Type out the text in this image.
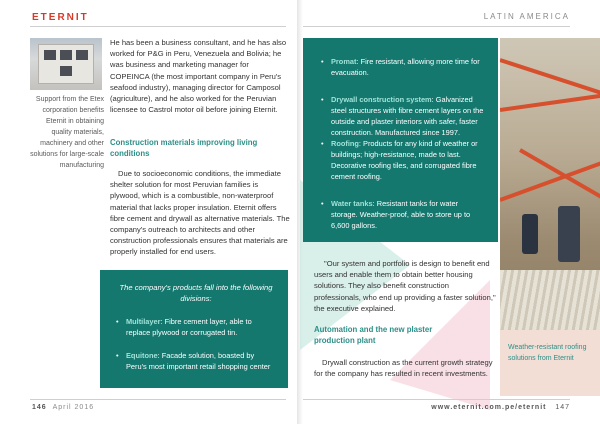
ETERNIT	LATIN AMERICA
Support from the Etex corporation benefits Eternit in obtaining quality materials, machinery and other solutions for large-scale manufacturing
He has been a business consultant, and he has also worked for P&G in Peru, Venezuela and Bolivia; he was business and marketing manager for COPEINCA (the most important company in Peru's seafood industry), managing director for Camposol (agriculture), and he also worked for the Peruvian licensee to Castrol motor oil before joining Eternit.
Construction materials improving living conditions
Due to socioeconomic conditions, the immediate shelter solution for most Peruvian families is plywood, which is a combustible, non-waterproof material that lacks proper insulation. Eternit offers fibre cement and drywall as alternative materials. The company's outreach to architects and other construction professionals ensures that materials are properly installed for end users.
The company's products fall into the following divisions:
• Multilayer: Fibre cement layer, able to replace plywood or corrugated tin.
• Equitone: Facade solution, boasted by Peru's most important retail shopping center
• Promat: Fire resistant, allowing more time for evacuation.
• Drywall construction system: Galvanized steel structures with fibre cement layers on the outside and plaster interiors with safer, faster construction. Manufactured since 1997.
• Roofing: Products for any kind of weather or buildings; high-resistance, made to last. Decorative roofing tiles, and corrugated fibre cement roofing.
• Water tanks: Resistant tanks for water storage. Weather-proof, able to store up to 6,600 gallons.
"Our system and portfolio is design to benefit end users and enable them to obtain better housing solutions. They also benefit construction professionals, who end up providing a faster solution," the executive explained.
Automation and the new plaster production plant
Drywall construction as the current growth strategy for the company has resulted in recent investments.
Weather-resistant roofing solutions from Eternit
146 April 2016	www.eternit.com.pe/eternit 147
